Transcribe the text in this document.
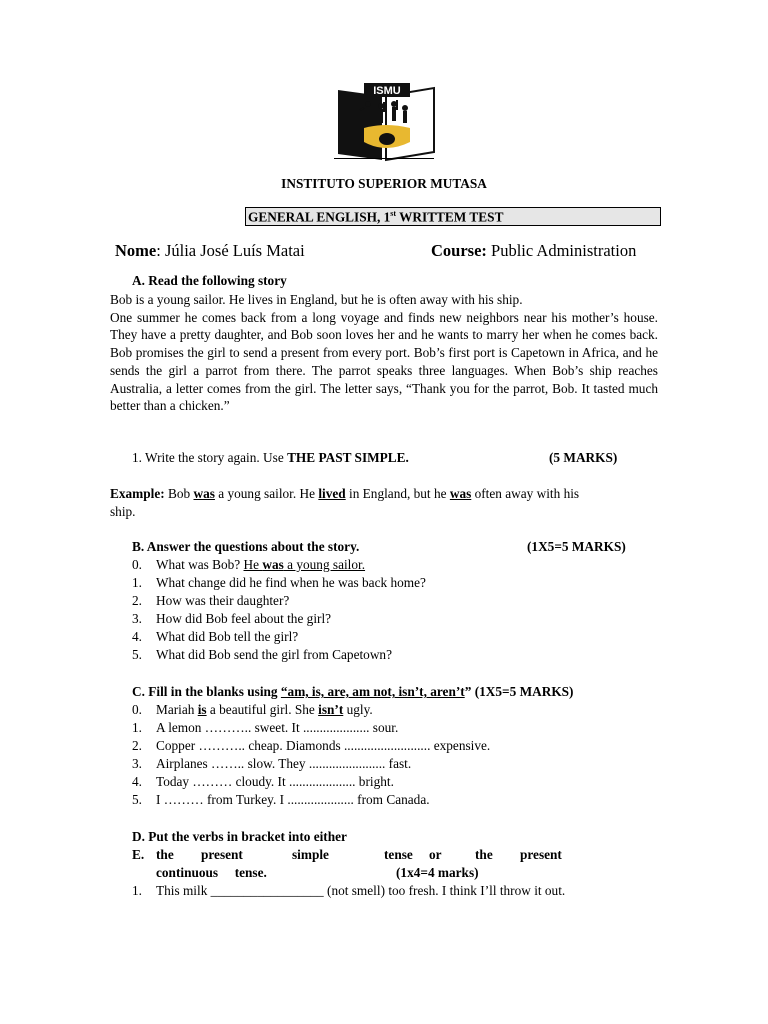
ISMU
INSTITUTO SUPERIOR MUTASA
GENERAL ENGLISH, 1st WRITTEM TEST
Nome: Júlia José Luís Matai	Course: Public Administration
A. Read the following story

Bob is a young sailor. He lives in England, but he is often away with his ship.

One summer he comes back from a long voyage and finds new neighbors near his mother’s house. They have a pretty daughter, and Bob soon loves her and he wants to marry her when he comes back. Bob promises the girl to send a present from every port. Bob’s first port is Capetown in Africa, and he sends the girl a parrot from there. The parrot speaks three languages. When Bob’s ship reaches Australia, a letter comes from the girl. The letter says, “Thank you for the parrot, Bob. It tasted much better than a chicken.”

1. Write the story again. Use THE PAST SIMPLE.	(5 MARKS)
Example: Bob was a young sailor. He lived in England, but he was often away with his
ship.
B. Answer the questions about the story.	(1X5=5 MARKS)
0. What was Bob? He was a young sailor.
1. What change did he find when he was back home?
2. How was their daughter?
3. How did Bob feel about the girl?
4. What did Bob tell the girl?
5. What did Bob send the girl from Capetown?
C. Fill in the blanks using “am, is, are, am not, isn’t, aren’t” (1X5=5 MARKS)
0. Mariah is a beautiful girl. She isn’t ugly.
1. A lemon ……….. sweet. It .................... sour.
2. Copper ……….. cheap. Diamonds .......................... expensive.
3. Airplanes …….. slow. They ....................... fast.
4. Today ……… cloudy. It .................... bright.
5. I ……… from Turkey. I .................... from Canada.
D. Put the verbs in bracket into either
E. the present	simple	tense or	the present
continuous     tense.	(1x4=4 marks)
1. This milk _________________ (not smell) too fresh. I think I’ll throw it out.
